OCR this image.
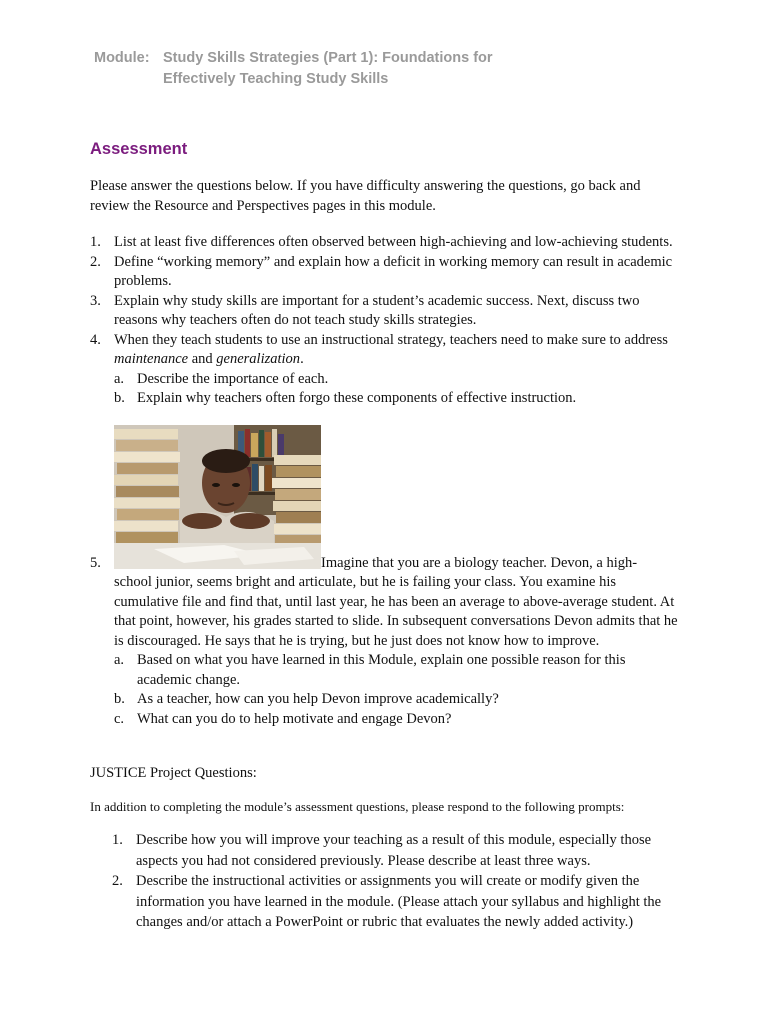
Module: Study Skills Strategies (Part 1): Foundations for
Effectively Teaching Study Skills
Assessment
Please answer the questions below. If you have difficulty answering the questions, go back and review the Resource and Perspectives pages in this module.
1. List at least five differences often observed between high-achieving and low-achieving students.
2. Define “working memory” and explain how a deficit in working memory can result in academic problems.
3. Explain why study skills are important for a student’s academic success. Next, discuss two reasons why teachers often do not teach study skills strategies.
4. When they teach students to use an instructional strategy, teachers need to make sure to address maintenance and generalization.
a. Describe the importance of each.
b. Explain why teachers often forgo these components of effective instruction.
5.	Imagine that you are a biology teacher. Devon, a high-
school junior, seems bright and articulate, but he is failing your class. You examine his cumulative file and find that, until last year, he has been an average to above-average student. At that point, however, his grades started to slide. In subsequent conversations Devon admits that he is discouraged. He says that he is trying, but he just does not know how to improve.
a. Based on what you have learned in this Module, explain one possible reason for this academic change.
b. As a teacher, how can you help Devon improve academically?
c. What can you do to help motivate and engage Devon?
JUSTICE Project Questions:
In addition to completing the module’s assessment questions, please respond to the following prompts:
1. Describe how you will improve your teaching as a result of this module, especially those aspects you had not considered previously. Please describe at least three ways.
2. Describe the instructional activities or assignments you will create or modify given the information you have learned in the module. (Please attach your syllabus and highlight the changes and/or attach a PowerPoint or rubric that evaluates the newly added activity.)
